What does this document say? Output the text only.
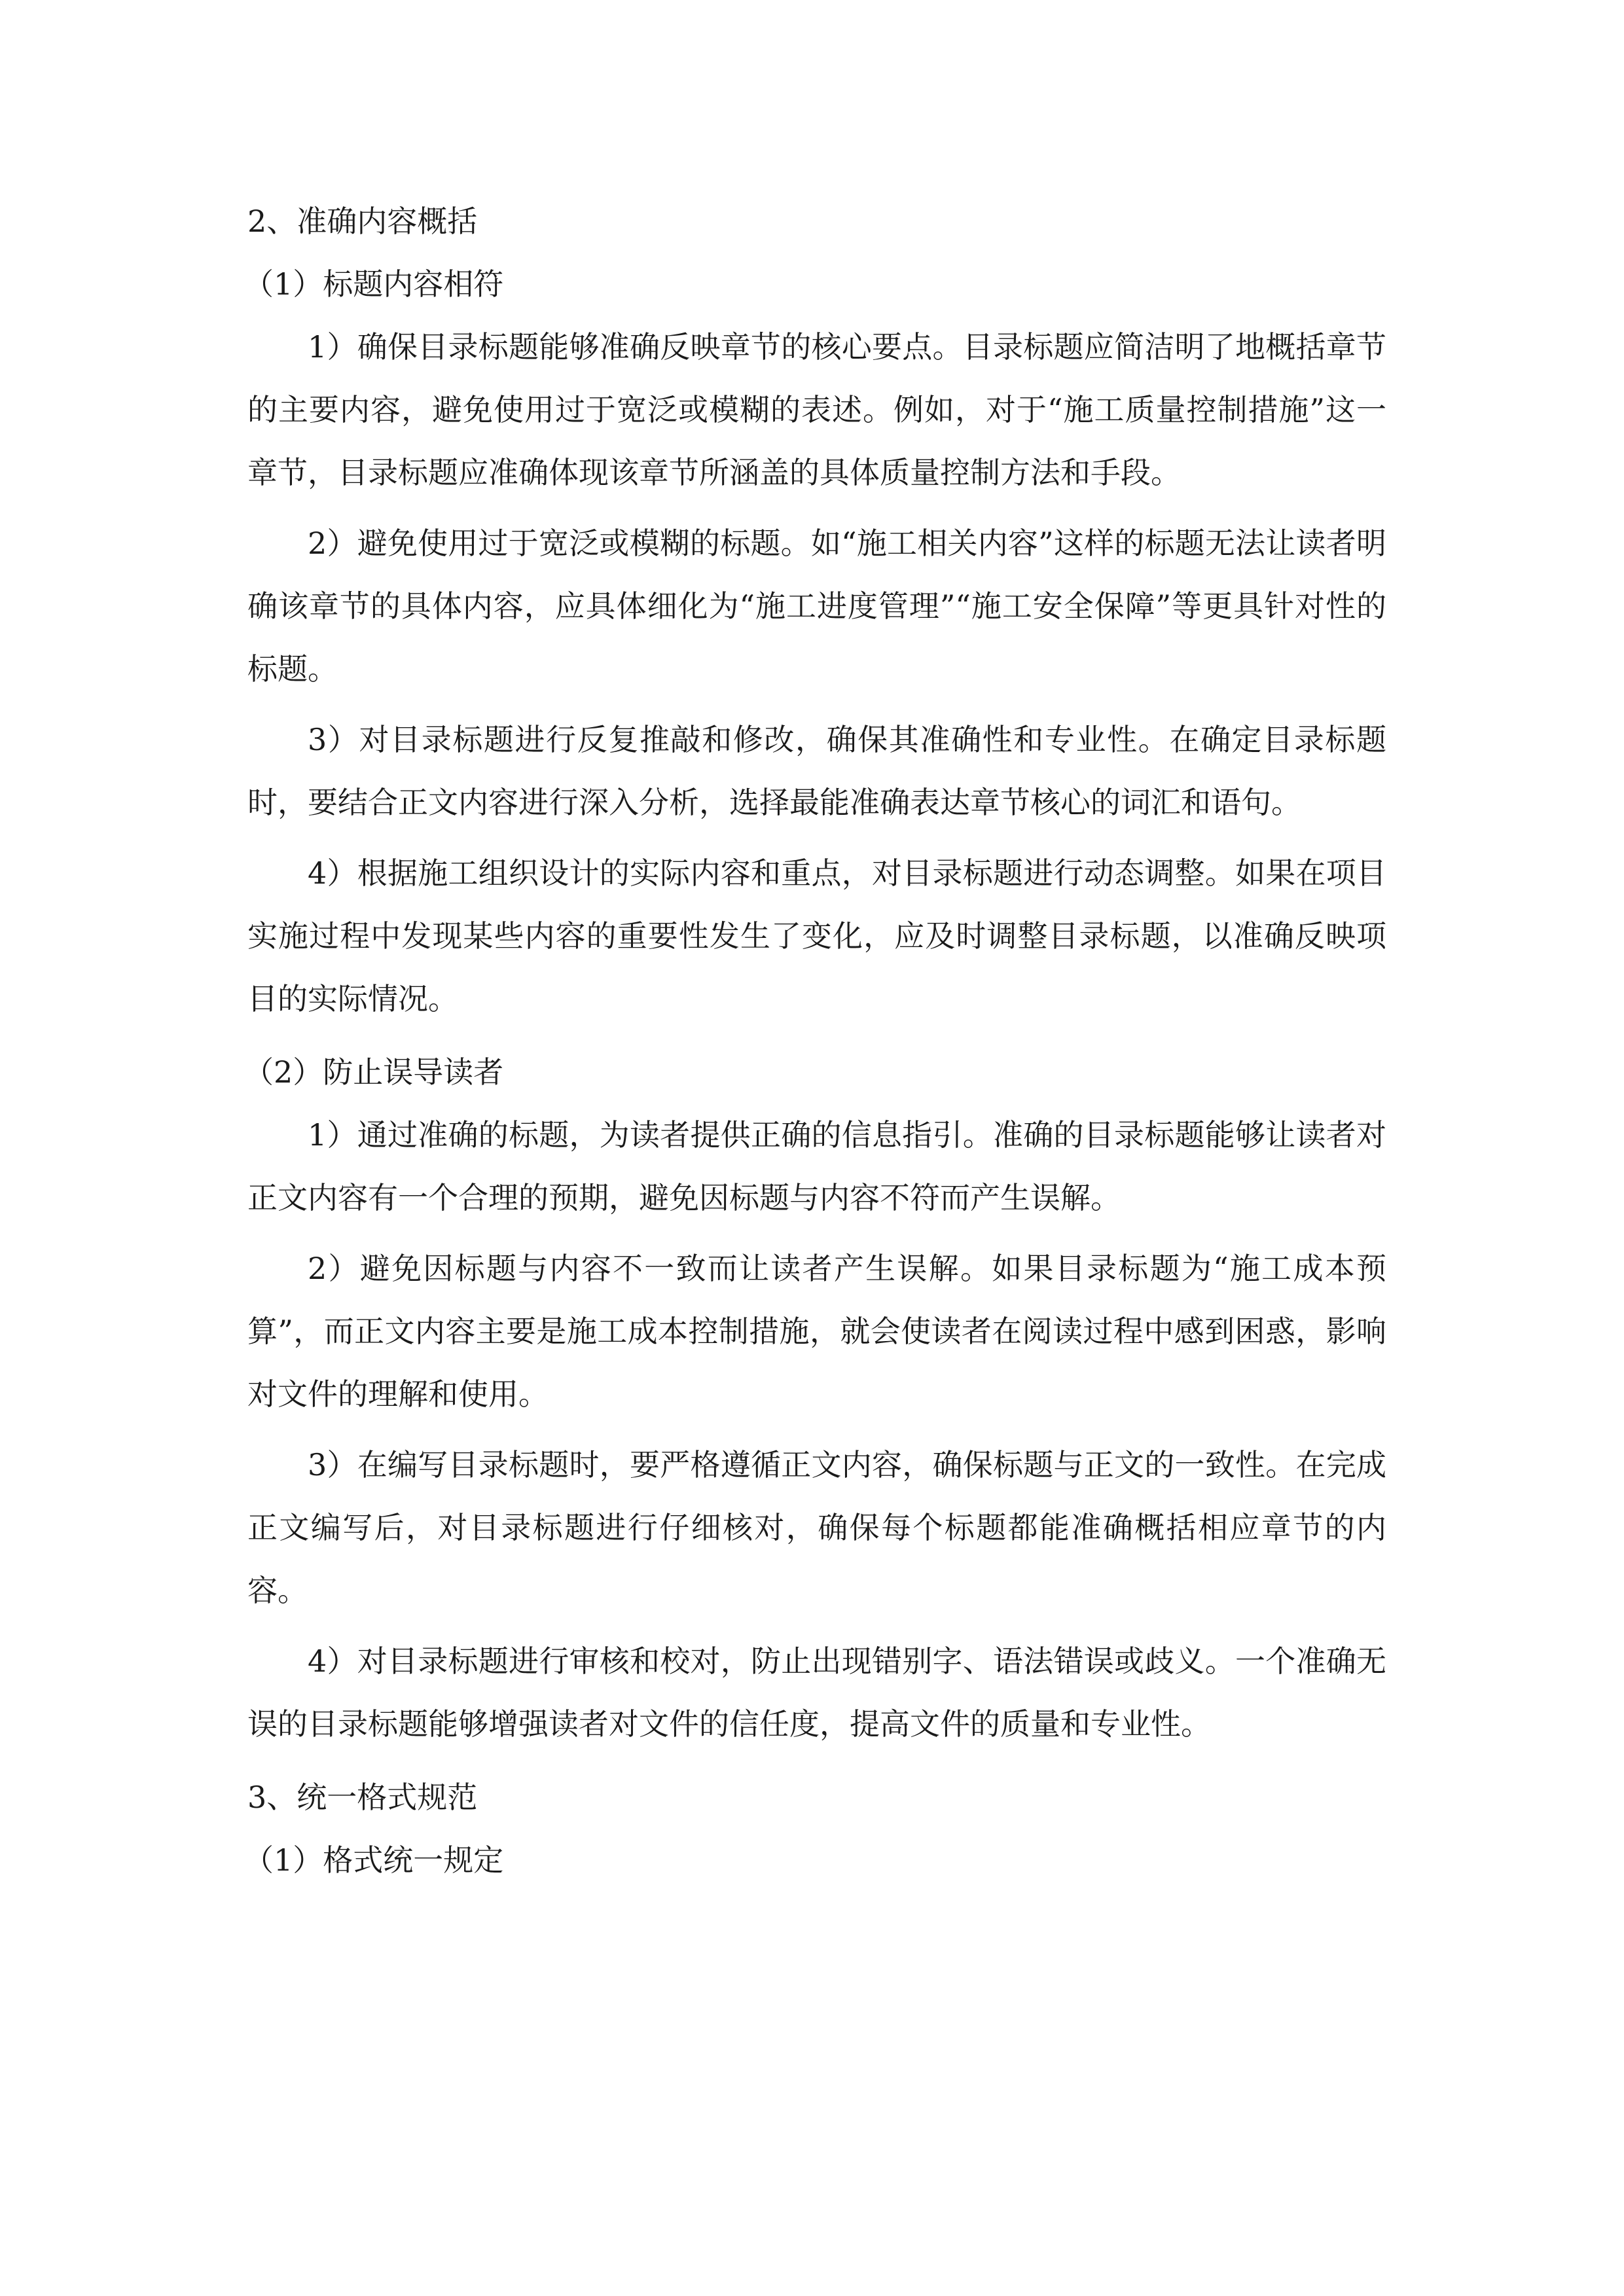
2、准确内容概括
（1）标题内容相符

1）确保目录标题能够准确反映章节的核心要点。目录标题应简洁明了地概括章节的主要内容，避免使用过于宽泛或模糊的表述。例如，对于“施工质量控制措施”这一章节，目录标题应准确体现该章节所涵盖的具体质量控制方法和手段。

2）避免使用过于宽泛或模糊的标题。如“施工相关内容”这样的标题无法让读者明确该章节的具体内容，应具体细化为“施工进度管理”“施工安全保障”等更具针对性的标题。

3）对目录标题进行反复推敲和修改，确保其准确性和专业性。在确定目录标题时，要结合正文内容进行深入分析，选择最能准确表达章节核心的词汇和语句。

4）根据施工组织设计的实际内容和重点，对目录标题进行动态调整。如果在项目实施过程中发现某些内容的重要性发生了变化，应及时调整目录标题，以准确反映项目的实际情况。

（2）防止误导读者

1）通过准确的标题，为读者提供正确的信息指引。准确的目录标题能够让读者对正文内容有一个合理的预期，避免因标题与内容不符而产生误解。

2）避免因标题与内容不一致而让读者产生误解。如果目录标题为“施工成本预算”，而正文内容主要是施工成本控制措施，就会使读者在阅读过程中感到困惑，影响对文件的理解和使用。

3）在编写目录标题时，要严格遵循正文内容，确保标题与正文的一致性。在完成正文编写后，对目录标题进行仔细核对，确保每个标题都能准确概括相应章节的内容。

4）对目录标题进行审核和校对，防止出现错别字、语法错误或歧义。一个准确无误的目录标题能够增强读者对文件的信任度，提高文件的质量和专业性。

3、统一格式规范
（1）格式统一规定
